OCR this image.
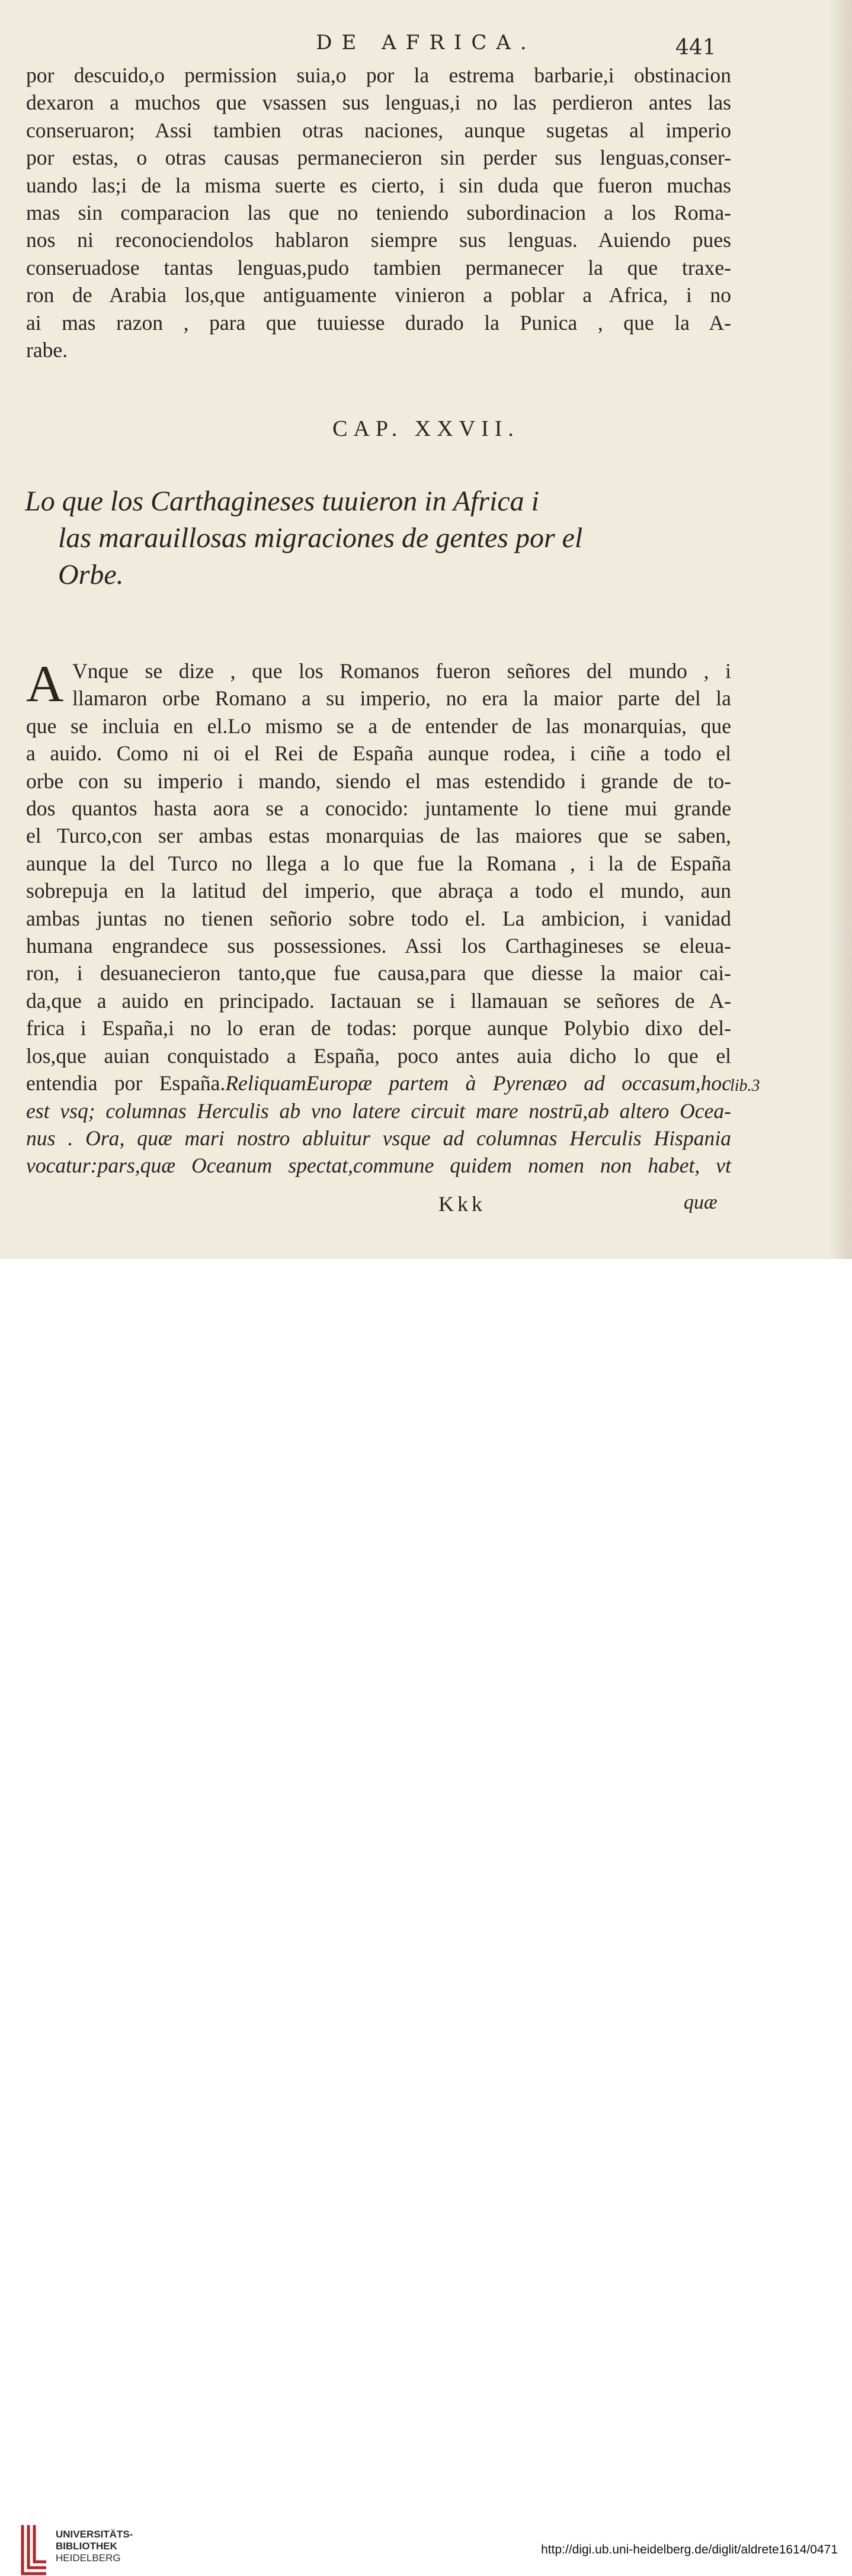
DE AFRICA.	441
por descuido,o permission suia,o por la estrema barbarie,i obstinacion
dexaron a muchos que vsassen sus lenguas,i no las perdieron antes las
conseruaron; Assi tambien otras naciones, aunque sugetas al imperio
por estas, o otras causas permanecieron sin perder sus lenguas,conser-
uando las;i de la misma suerte es cierto, i sin duda que fueron muchas
mas sin comparacion las que no teniendo subordinacion a los Roma-
nos ni reconociendolos hablaron siempre sus lenguas. Auiendo pues
conseruadose tantas lenguas,pudo tambien permanecer la que traxe-
ron de Arabia los,que antiguamente vinieron a poblar a Africa, i no
ai mas razon , para que tuuiesse durado la Punica , que la A-
rabe.
CAP. XXVII.
Lo que los Carthagineses tuuieron in Africa i
las marauillosas migraciones de gentes por el
Orbe.
A Vnque se dize , que los Romanos fueron señores del mundo , i
llamaron orbe Romano a su imperio, no era la maior parte del la
que se incluia en el.Lo mismo se a de entender de las monarquias, que
a auido. Como ni oi el Rei de España aunque rodea, i ciñe a todo el
orbe con su imperio i mando, siendo el mas estendido i grande de to-
dos quantos hasta aora se a conocido: juntamente lo tiene mui grande
el Turco,con ser ambas estas monarquias de las maiores que se saben,
aunque la del Turco no llega a lo que fue la Romana , i la de España
sobrepuja en la latitud del imperio, que abraça a todo el mundo, aun
ambas juntas no tienen señorio sobre todo el. La ambicion, i vanidad
humana engrandece sus possessiones. Assi los Carthagineses se eleua-
ron, i desuanecieron tanto,que fue causa,para que diesse la maior cai-
da,que a auido en principado. Iactauan se i llamauan se señores de A-
frica i España,i no lo eran de todas: porque aunque Polybio dixo del-
los,que auian conquistado a España, poco antes auia dicho lo que el
entendia por España.ReliquamEuropæ partem à Pyrenæo ad occasum,hoc
est vsq; columnas Herculis ab vno latere circuit mare nostrū,ab altero Ocea-
nus . Ora, quæ mari nostro abluitur vsque ad columnas Herculis Hispania
vocatur:pars,quæ Oceanum spectat,commune quidem nomen non habet, vt
lib.3
Kkk	quæ
UNIVERSITÄTS-
BIBLIOTHEK
HEIDELBERG
http://digi.ub.uni-heidelberg.de/diglit/aldrete1614/0471
